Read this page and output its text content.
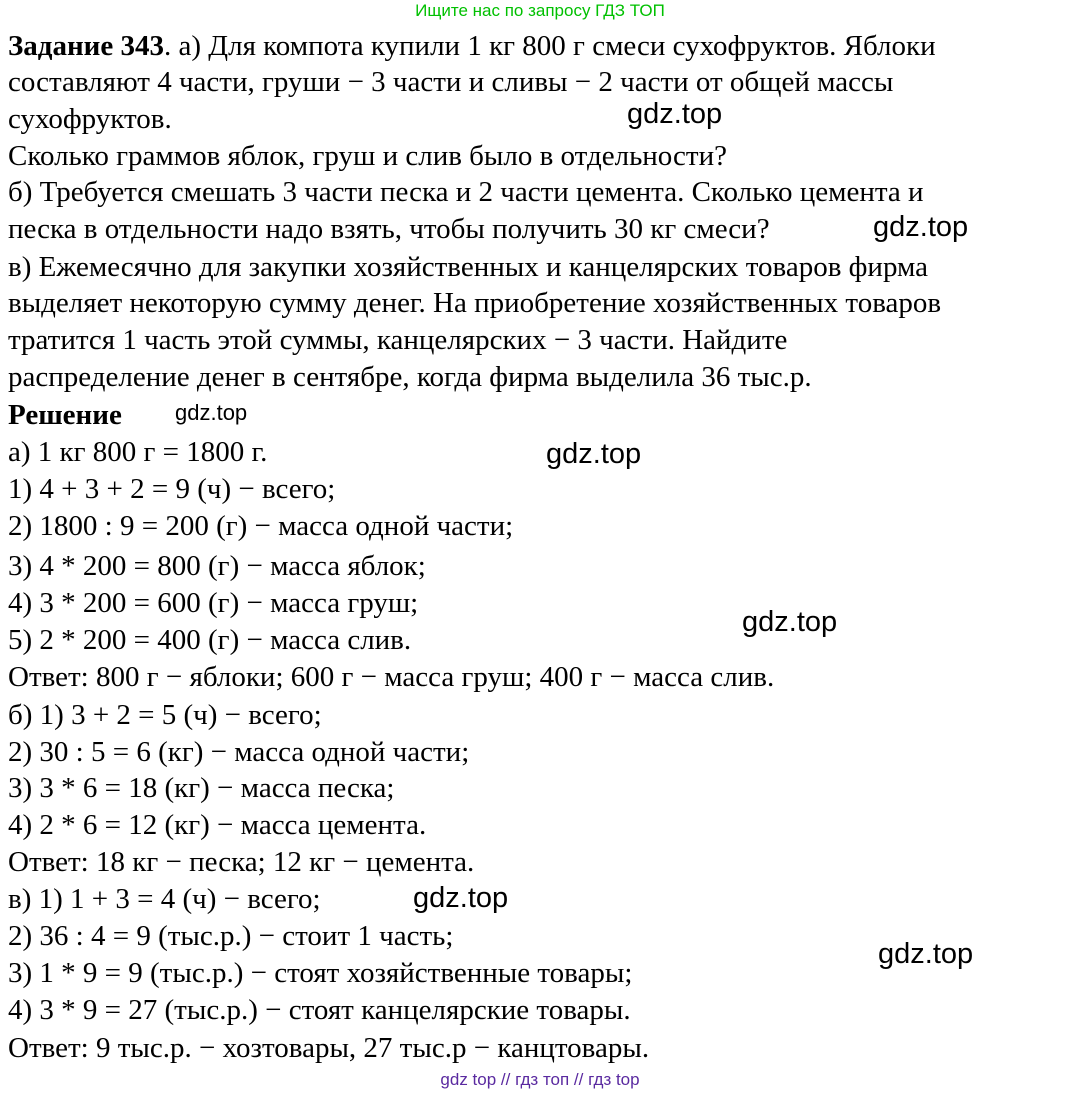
Ищите нас по запросу ГДЗ ТОП
Задание 343. а) Для компота купили 1 кг 800 г смеси сухофруктов. Яблоки
составляют 4 части, груши − 3 части и сливы − 2 части от общей массы
сухофруктов.
Сколько граммов яблок, груш и слив было в отдельности?
б) Требуется смешать 3 части песка и 2 части цемента. Сколько цемента и
песка в отдельности надо взять, чтобы получить 30 кг смеси?
в) Ежемесячно для закупки хозяйственных и канцелярских товаров фирма
выделяет некоторую сумму денег. На приобретение хозяйственных товаров
тратится 1 часть этой суммы, канцелярских − 3 части. Найдите
распределение денег в сентябре, когда фирма выделила 36 тыс.р.
Решение
а) 1 кг 800 г = 1800 г.
1) 4 + 3 + 2 = 9 (ч) − всего;
2) 1800 : 9 = 200 (г) − масса одной части;
3) 4 * 200 = 800 (г) − масса яблок;
4) 3 * 200 = 600 (г) − масса груш;
5) 2 * 200 = 400 (г) − масса слив.
Ответ: 800 г − яблоки; 600 г − масса груш; 400 г − масса слив.
б) 1) 3 + 2 = 5 (ч) − всего;
2) 30 : 5 = 6 (кг) − масса одной части;
3) 3 * 6 = 18 (кг) − масса песка;
4) 2 * 6 = 12 (кг) − масса цемента.
Ответ: 18 кг − песка; 12 кг − цемента.
в) 1) 1 + 3 = 4 (ч) − всего;
2) 36 : 4 = 9 (тыс.р.) − стоит 1 часть;
3) 1 * 9 = 9 (тыс.р.) − стоят хозяйственные товары;
4) 3 * 9 = 27 (тыс.р.) − стоят канцелярские товары.
Ответ: 9 тыс.р. − хозтовары, 27 тыс.р − канцтовары.
gdz.top
gdz.top
gdz.top
gdz.top
gdz.top
gdz.top
gdz.top
gdz top // гдз топ // гдз top
